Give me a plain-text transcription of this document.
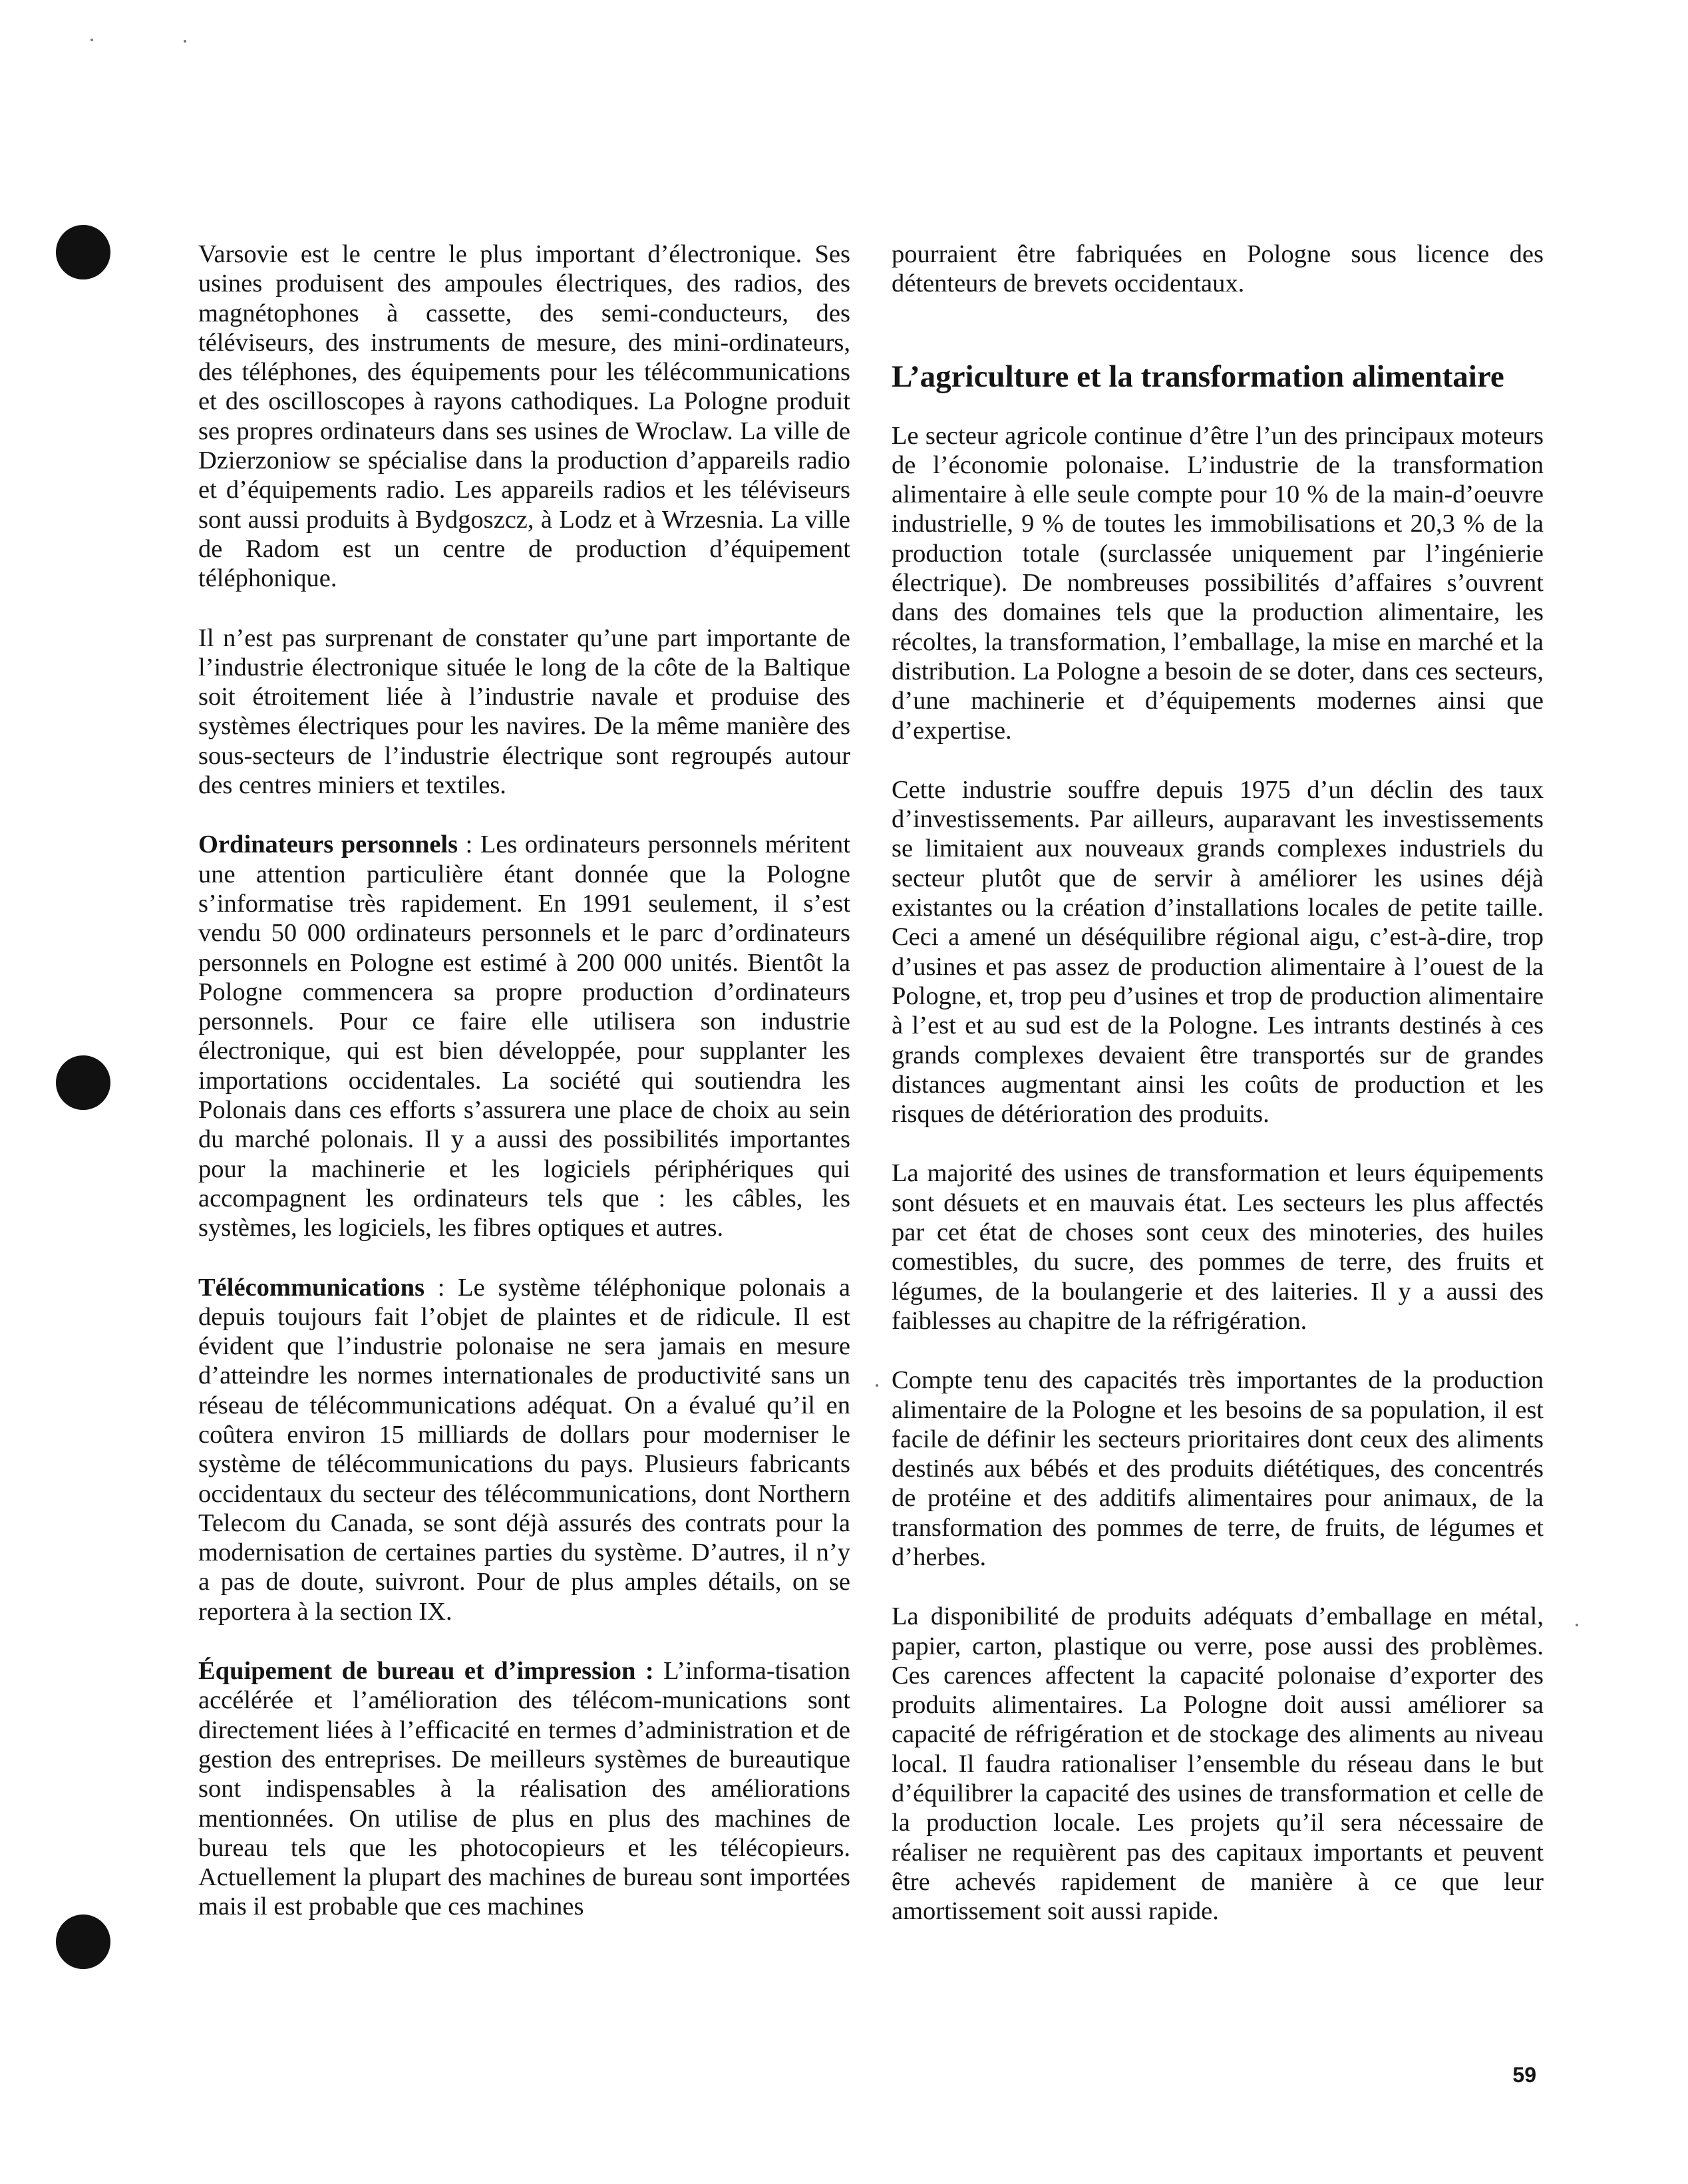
Varsovie est le centre le plus important d’électronique. Ses usines produisent des ampoules électriques, des radios, des magnétophones à cassette, des semi-conducteurs, des téléviseurs, des instruments de mesure, des mini-ordinateurs, des téléphones, des équipements pour les télécommunications et des oscilloscopes à rayons cathodiques. La Pologne produit ses propres ordinateurs dans ses usines de Wroclaw. La ville de Dzierzoniow se spécialise dans la production d’appareils radio et d’équipements radio. Les appareils radios et les téléviseurs sont aussi produits à Bydgoszcz, à Lodz et à Wrzesnia. La ville de Radom est un centre de production d’équipement téléphonique.

Il n’est pas surprenant de constater qu’une part importante de l’industrie électronique située le long de la côte de la Baltique soit étroitement liée à l’industrie navale et produise des systèmes électriques pour les navires. De la même manière des sous-secteurs de l’industrie électrique sont regroupés autour des centres miniers et textiles.

Ordinateurs personnels : Les ordinateurs personnels méritent une attention particulière étant donnée que la Pologne s’informatise très rapidement. En 1991 seulement, il s’est vendu 50 000 ordinateurs personnels et le parc d’ordinateurs personnels en Pologne est estimé à 200 000 unités. Bientôt la Pologne commencera sa propre production d’ordinateurs personnels. Pour ce faire elle utilisera son industrie électronique, qui est bien développée, pour supplanter les importations occidentales. La société qui soutiendra les Polonais dans ces efforts s’assurera une place de choix au sein du marché polonais. Il y a aussi des possibilités importantes pour la machinerie et les logiciels périphériques qui accompagnent les ordinateurs tels que : les câbles, les systèmes, les logiciels, les fibres optiques et autres.

Télécommunications : Le système téléphonique polonais a depuis toujours fait l’objet de plaintes et de ridicule. Il est évident que l’industrie polonaise ne sera jamais en mesure d’atteindre les normes internationales de productivité sans un réseau de télécommunications adéquat. On a évalué qu’il en coûtera environ 15 milliards de dollars pour moderniser le système de télécommunications du pays. Plusieurs fabricants occidentaux du secteur des télécommunications, dont Northern Telecom du Canada, se sont déjà assurés des contrats pour la modernisation de certaines parties du système. D’autres, il n’y a pas de doute, suivront. Pour de plus amples détails, on se reportera à la section IX.

Équipement de bureau et d’impression : L’informa-tisation accélérée et l’amélioration des télécom-munications sont directement liées à l’efficacité en termes d’administration et de gestion des entreprises. De meilleurs systèmes de bureautique sont indispensables à la réalisation des améliorations mentionnées. On utilise de plus en plus des machines de bureau tels que les photocopieurs et les télécopieurs. Actuellement la plupart des machines de bureau sont importées mais il est probable que ces machines

pourraient être fabriquées en Pologne sous licence des détenteurs de brevets occidentaux.

L’agriculture et la transformation alimentaire

Le secteur agricole continue d’être l’un des principaux moteurs de l’économie polonaise. L’industrie de la transformation alimentaire à elle seule compte pour 10 % de la main-d’oeuvre industrielle, 9 % de toutes les immobilisations et 20,3 % de la production totale (surclassée uniquement par l’ingénierie électrique). De nombreuses possibilités d’affaires s’ouvrent dans des domaines tels que la production alimentaire, les récoltes, la transformation, l’emballage, la mise en marché et la distribution. La Pologne a besoin de se doter, dans ces secteurs, d’une machinerie et d’équipements modernes ainsi que d’expertise.

Cette industrie souffre depuis 1975 d’un déclin des taux d’investissements. Par ailleurs, auparavant les investissements se limitaient aux nouveaux grands complexes industriels du secteur plutôt que de servir à améliorer les usines déjà existantes ou la création d’installations locales de petite taille. Ceci a amené un déséquilibre régional aigu, c’est-à-dire, trop d’usines et pas assez de production alimentaire à l’ouest de la Pologne, et, trop peu d’usines et trop de production alimentaire à l’est et au sud est de la Pologne. Les intrants destinés à ces grands complexes devaient être transportés sur de grandes distances augmentant ainsi les coûts de production et les risques de détérioration des produits.

La majorité des usines de transformation et leurs équipements sont désuets et en mauvais état. Les secteurs les plus affectés par cet état de choses sont ceux des minoteries, des huiles comestibles, du sucre, des pommes de terre, des fruits et légumes, de la boulangerie et des laiteries. Il y a aussi des faiblesses au chapitre de la réfrigération.

Compte tenu des capacités très importantes de la production alimentaire de la Pologne et les besoins de sa population, il est facile de définir les secteurs prioritaires dont ceux des aliments destinés aux bébés et des produits diététiques, des concentrés de protéine et des additifs alimentaires pour animaux, de la transformation des pommes de terre, de fruits, de légumes et d’herbes.

La disponibilité de produits adéquats d’emballage en métal, papier, carton, plastique ou verre, pose aussi des problèmes. Ces carences affectent la capacité polonaise d’exporter des produits alimentaires. La Pologne doit aussi améliorer sa capacité de réfrigération et de stockage des aliments au niveau local. Il faudra rationaliser l’ensemble du réseau dans le but d’équilibrer la capacité des usines de transformation et celle de la production locale. Les projets qu’il sera nécessaire de réaliser ne requièrent pas des capitaux importants et peuvent être achevés rapidement de manière à ce que leur amortissement soit aussi rapide.

59
